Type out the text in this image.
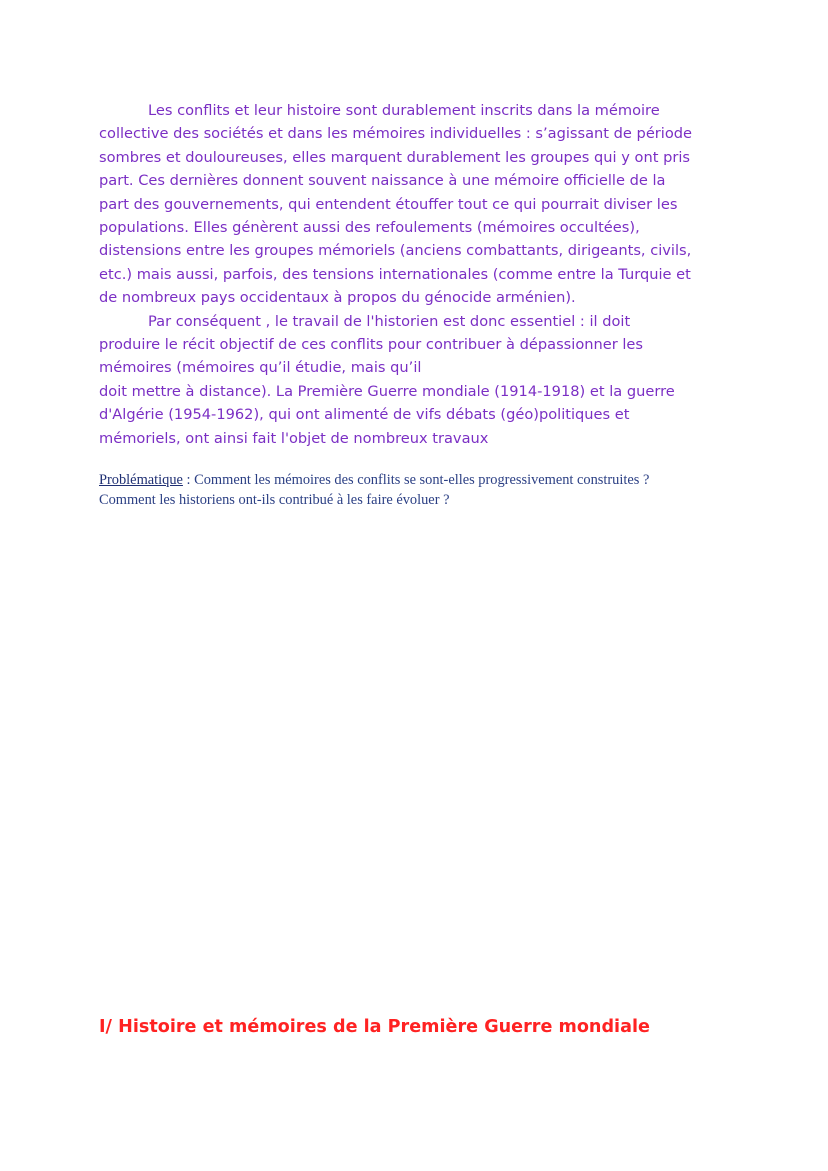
Les conflits et leur histoire sont durablement inscrits dans la mémoire
collective des sociétés et dans les mémoires individuelles : s’agissant de période
sombres et douloureuses, elles marquent durablement les groupes qui y ont pris
part. Ces dernières donnent souvent naissance à une mémoire officielle de la
part des gouvernements, qui entendent étouffer tout ce qui pourrait diviser les
populations. Elles génèrent aussi des refoulements (mémoires occultées),
distensions entre les groupes mémoriels (anciens combattants, dirigeants, civils,
etc.) mais aussi, parfois, des tensions internationales (comme entre la Turquie et
de nombreux pays occidentaux à propos du génocide arménien).
Par conséquent , le travail de l'historien est donc essentiel : il doit
produire le récit objectif de ces conflits pour contribuer à dépassionner les
mémoires (mémoires qu’il étudie, mais qu’il
doit mettre à distance). La Première Guerre mondiale (1914-1918) et la guerre
d'Algérie (1954-1962), qui ont alimenté de vifs débats (géo)politiques et
mémoriels, ont ainsi fait l'objet de nombreux travaux
Problématique : Comment les mémoires des conflits se sont-elles progressivement construites ?
Comment les historiens ont-ils contribué à les faire évoluer ?
I/ Histoire et mémoires de la Première Guerre mondiale
